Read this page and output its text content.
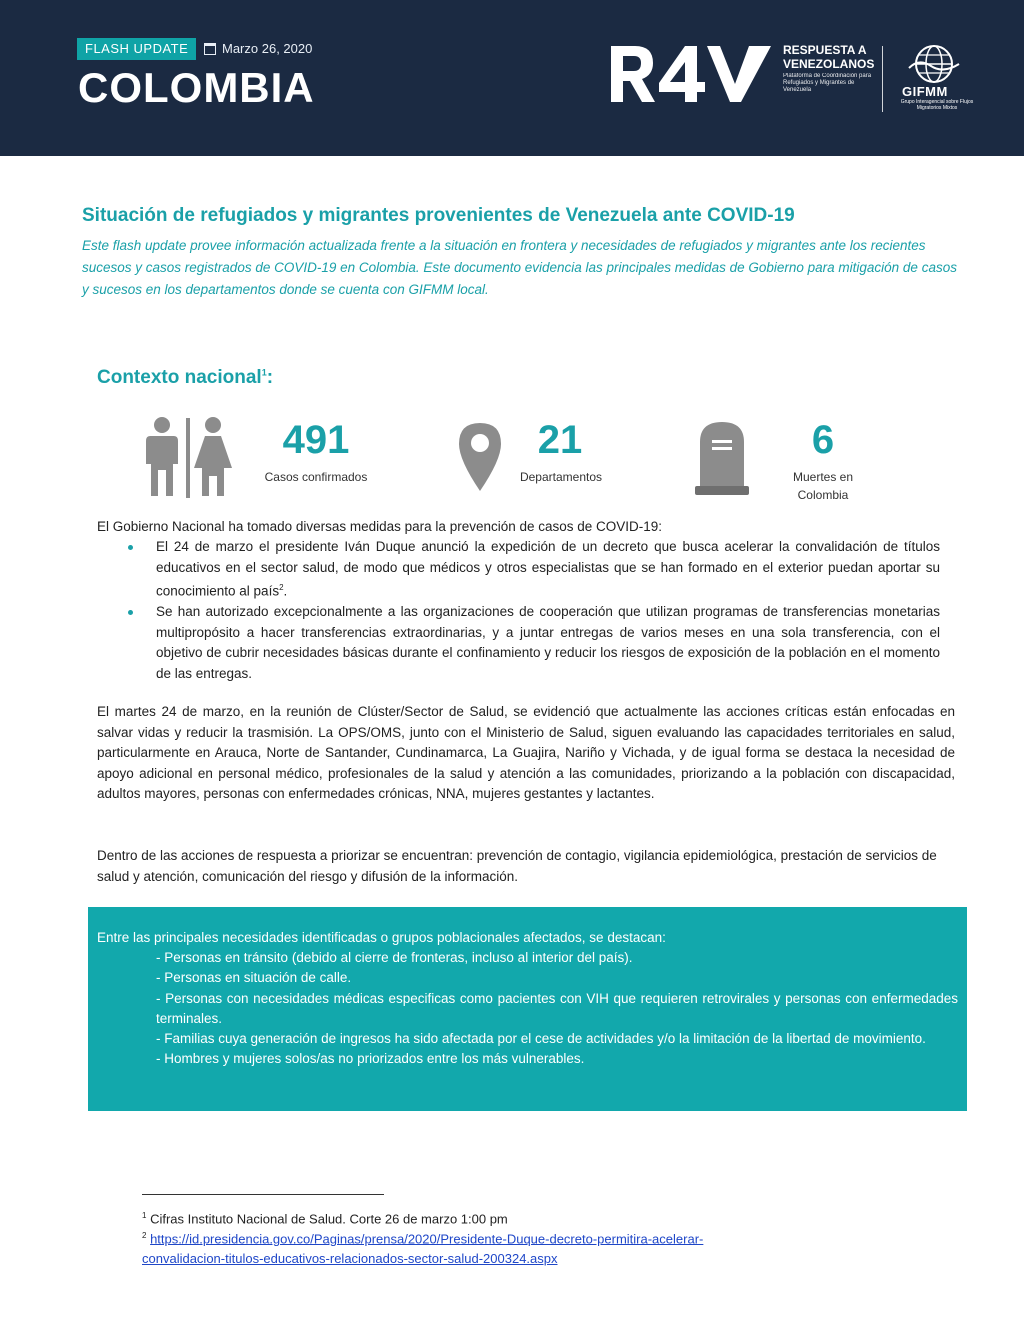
FLASH UPDATE	Marzo 26, 2020
COLOMBIA
RESPUESTA A VENEZOLANOS
Plataforma de Coordinación para Refugiados y Migrantes de Venezuela	GIFMM
Grupo Interagencial sobre Flujos Migratorios Mixtos
Situación de refugiados y migrantes provenientes de Venezuela ante COVID-19
Este flash update provee información actualizada frente a la situación en frontera y necesidades de refugiados y migrantes ante los recientes sucesos y casos registrados de COVID-19 en Colombia. Este documento evidencia las principales medidas de Gobierno para mitigación de casos y sucesos en los departamentos donde se cuenta con GIFMM local.
Contexto nacional$^1$:
491
Casos confirmados
21
Departamentos
6
Muertes en
Colombia
El Gobierno Nacional ha tomado diversas medidas para la prevención de casos de COVID-19:
El 24 de marzo el presidente Iván Duque anunció la expedición de un decreto que busca acelerar la convalidación de títulos educativos en el sector salud, de modo que médicos y otros especialistas que se han formado en el exterior puedan aportar su conocimiento al país$^2$.
Se han autorizado excepcionalmente a las organizaciones de cooperación que utilizan programas de transferencias monetarias multipropósito a hacer transferencias extraordinarias, y a juntar entregas de varios meses en una sola transferencia, con el objetivo de cubrir necesidades básicas durante el confinamiento y reducir los riesgos de exposición de la población en el momento de las entregas.
El martes 24 de marzo, en la reunión de Clúster/Sector de Salud, se evidenció que actualmente las acciones críticas están enfocadas en salvar vidas y reducir la trasmisión. La OPS/OMS, junto con el Ministerio de Salud, siguen evaluando las capacidades territoriales en salud, particularmente en Arauca, Norte de Santander, Cundinamarca, La Guajira, Nariño y Vichada, y de igual forma se destaca la necesidad de apoyo adicional en personal médico, profesionales de la salud y atención a las comunidades, priorizando a la población con discapacidad, adultos mayores, personas con enfermedades crónicas, NNA, mujeres gestantes y lactantes.
Dentro de las acciones de respuesta a priorizar se encuentran: prevención de contagio, vigilancia epidemiológica, prestación de servicios de salud y atención, comunicación del riesgo y difusión de la información.
Entre las principales necesidades identificadas o grupos poblacionales afectados, se destacan:
- Personas en tránsito (debido al cierre de fronteras, incluso al interior del país).
- Personas en situación de calle.
- Personas con necesidades médicas especificas como pacientes con VIH que requieren retrovirales y personas con enfermedades terminales.
- Familias cuya generación de ingresos ha sido afectada por el cese de actividades y/o la limitación de la libertad de movimiento.
- Hombres y mujeres solos/as no priorizados entre los más vulnerables.
$^1$ Cifras Instituto Nacional de Salud. Corte 26 de marzo 1:00 pm
$^2$ https://id.presidencia.gov.co/Paginas/prensa/2020/Presidente-Duque-decreto-permitira-acelerar-
convalidacion-titulos-educativos-relacionados-sector-salud-200324.aspx
